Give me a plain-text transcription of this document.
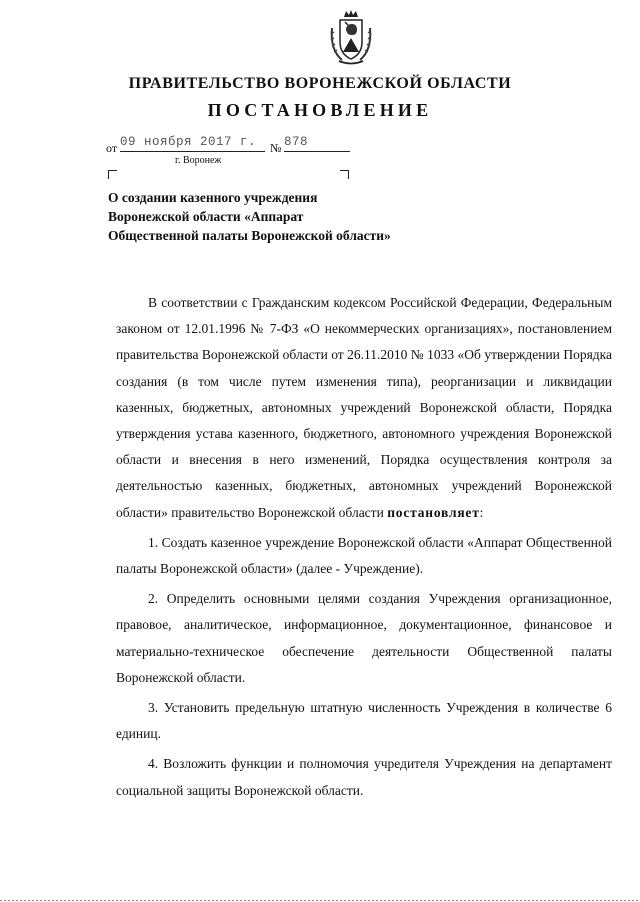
ПРАВИТЕЛЬСТВО ВОРОНЕЖСКОЙ ОБЛАСТИ
ПОСТАНОВЛЕНИЕ
от 09 ноября 2017 г.	№ 878
г. Воронеж
О создании казенного учреждения
Воронежской области «Аппарат
Общественной палаты Воронежской области»

В соответствии с Гражданским кодексом Российской Федерации, Федеральным законом от 12.01.1996 № 7-ФЗ «О некоммерческих организациях», постановлением правительства Воронежской области от 26.11.2010 № 1033 «Об утверждении Порядка создания (в том числе путем изменения типа), реорганизации и ликвидации казенных, бюджетных, автономных учреждений Воронежской области, Порядка утверждения устава казенного, бюджетного, автономного учреждения Воронежской области и внесения в него изменений, Порядка осуществления контроля за деятельностью казенных, бюджетных, автономных учреждений Воронежской области» правительство Воронежской области постановляет:

1. Создать казенное учреждение Воронежской области «Аппарат Общественной палаты Воронежской области» (далее - Учреждение).

2. Определить основными целями создания Учреждения организационное, правовое, аналитическое, информационное, документационное, финансовое и материально-техническое обеспечение деятельности Общественной палаты Воронежской области.

3. Установить предельную штатную численность Учреждения в количестве 6 единиц.

4. Возложить функции и полномочия учредителя Учреждения на департамент социальной защиты Воронежской области.
